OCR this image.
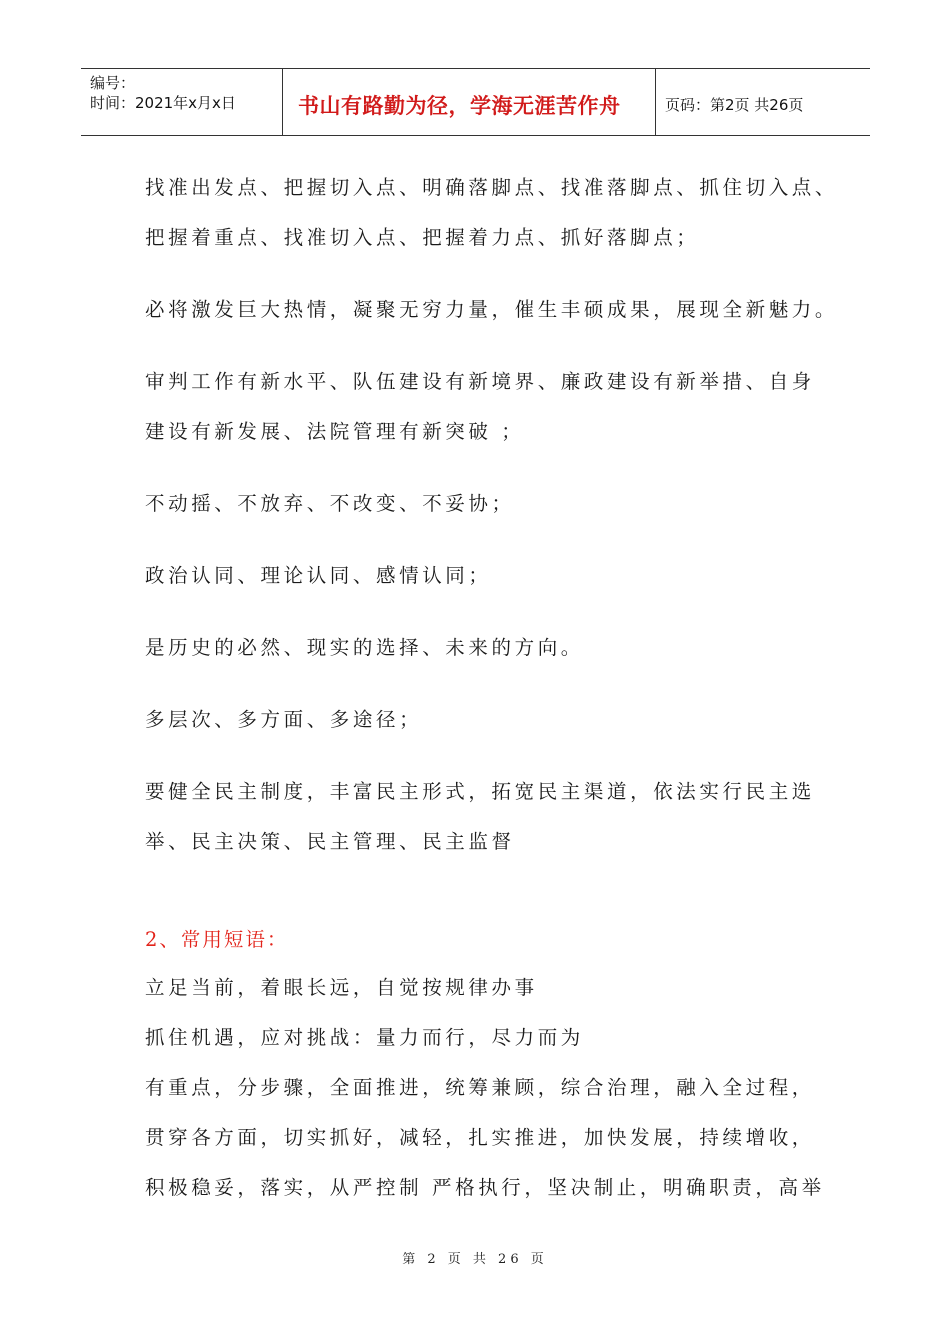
编号：
时间：2021年x月x日	书山有路勤为径，学海无涯苦作舟	页码：第2页 共26页
找准出发点、把握切入点、明确落脚点、找准落脚点、抓住切入点、
把握着重点、找准切入点、把握着力点、抓好落脚点；
必将激发巨大热情，凝聚无穷力量，催生丰硕成果，展现全新魅力。
审判工作有新水平、队伍建设有新境界、廉政建设有新举措、自身
建设有新发展、法院管理有新突破 ；
不动摇、不放弃、不改变、不妥协；
政治认同、理论认同、感情认同；
是历史的必然、现实的选择、未来的方向。
多层次、多方面、多途径；
要健全民主制度，丰富民主形式，拓宽民主渠道，依法实行民主选
举、民主决策、民主管理、民主监督
2、常用短语：
立足当前，着眼长远，自觉按规律办事
抓住机遇，应对挑战：量力而行，尽力而为
有重点，分步骤，全面推进，统筹兼顾，综合治理，融入全过程，
贯穿各方面，切实抓好，减轻，扎实推进，加快发展，持续增收，
积极稳妥，落实，从严控制 严格执行，坚决制止，明确职责，高举
第 2 页 共 26 页
